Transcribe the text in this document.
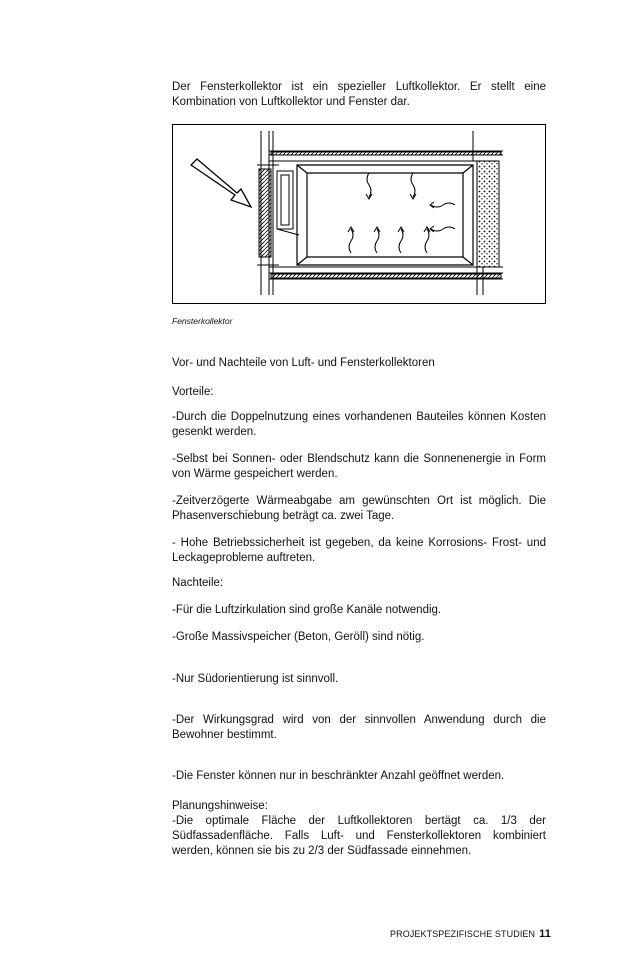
Der Fensterkollektor ist ein spezieller Luftkollektor. Er stellt eine Kombination von Luftkollektor und Fenster dar.

Fensterkollektor

Vor- und Nachteile von Luft- und Fensterkollektoren

Vorteile:

-Durch die Doppelnutzung eines vorhandenen Bauteiles können Kosten gesenkt werden.

-Selbst bei Sonnen- oder Blendschutz kann die Sonnenenergie in Form von Wärme gespeichert werden.

-Zeitverzögerte Wärmeabgabe am gewünschten Ort ist möglich. Die Phasenverschiebung beträgt ca. zwei Tage.

- Hohe Betriebssicherheit ist gegeben, da keine Korrosions- Frost- und Leckageprobleme auftreten.

Nachteile:

-Für die Luftzirkulation sind große Kanäle notwendig.

-Große Massivspeicher (Beton, Geröll) sind nötig.

-Nur Südorientierung ist sinnvoll.

-Der Wirkungsgrad wird von der sinnvollen Anwendung durch die Bewohner bestimmt.

-Die Fenster können nur in beschränkter Anzahl geöffnet werden.

Planungshinweise:

-Die optimale Fläche der Luftkollektoren bertägt ca. 1/3 der Südfassadenfläche. Falls Luft- und Fensterkollektoren kombiniert werden, können sie bis zu 2/3 der Südfassade einnehmen.

PROJEKTSPEZIFISCHE STUDIEN 11
